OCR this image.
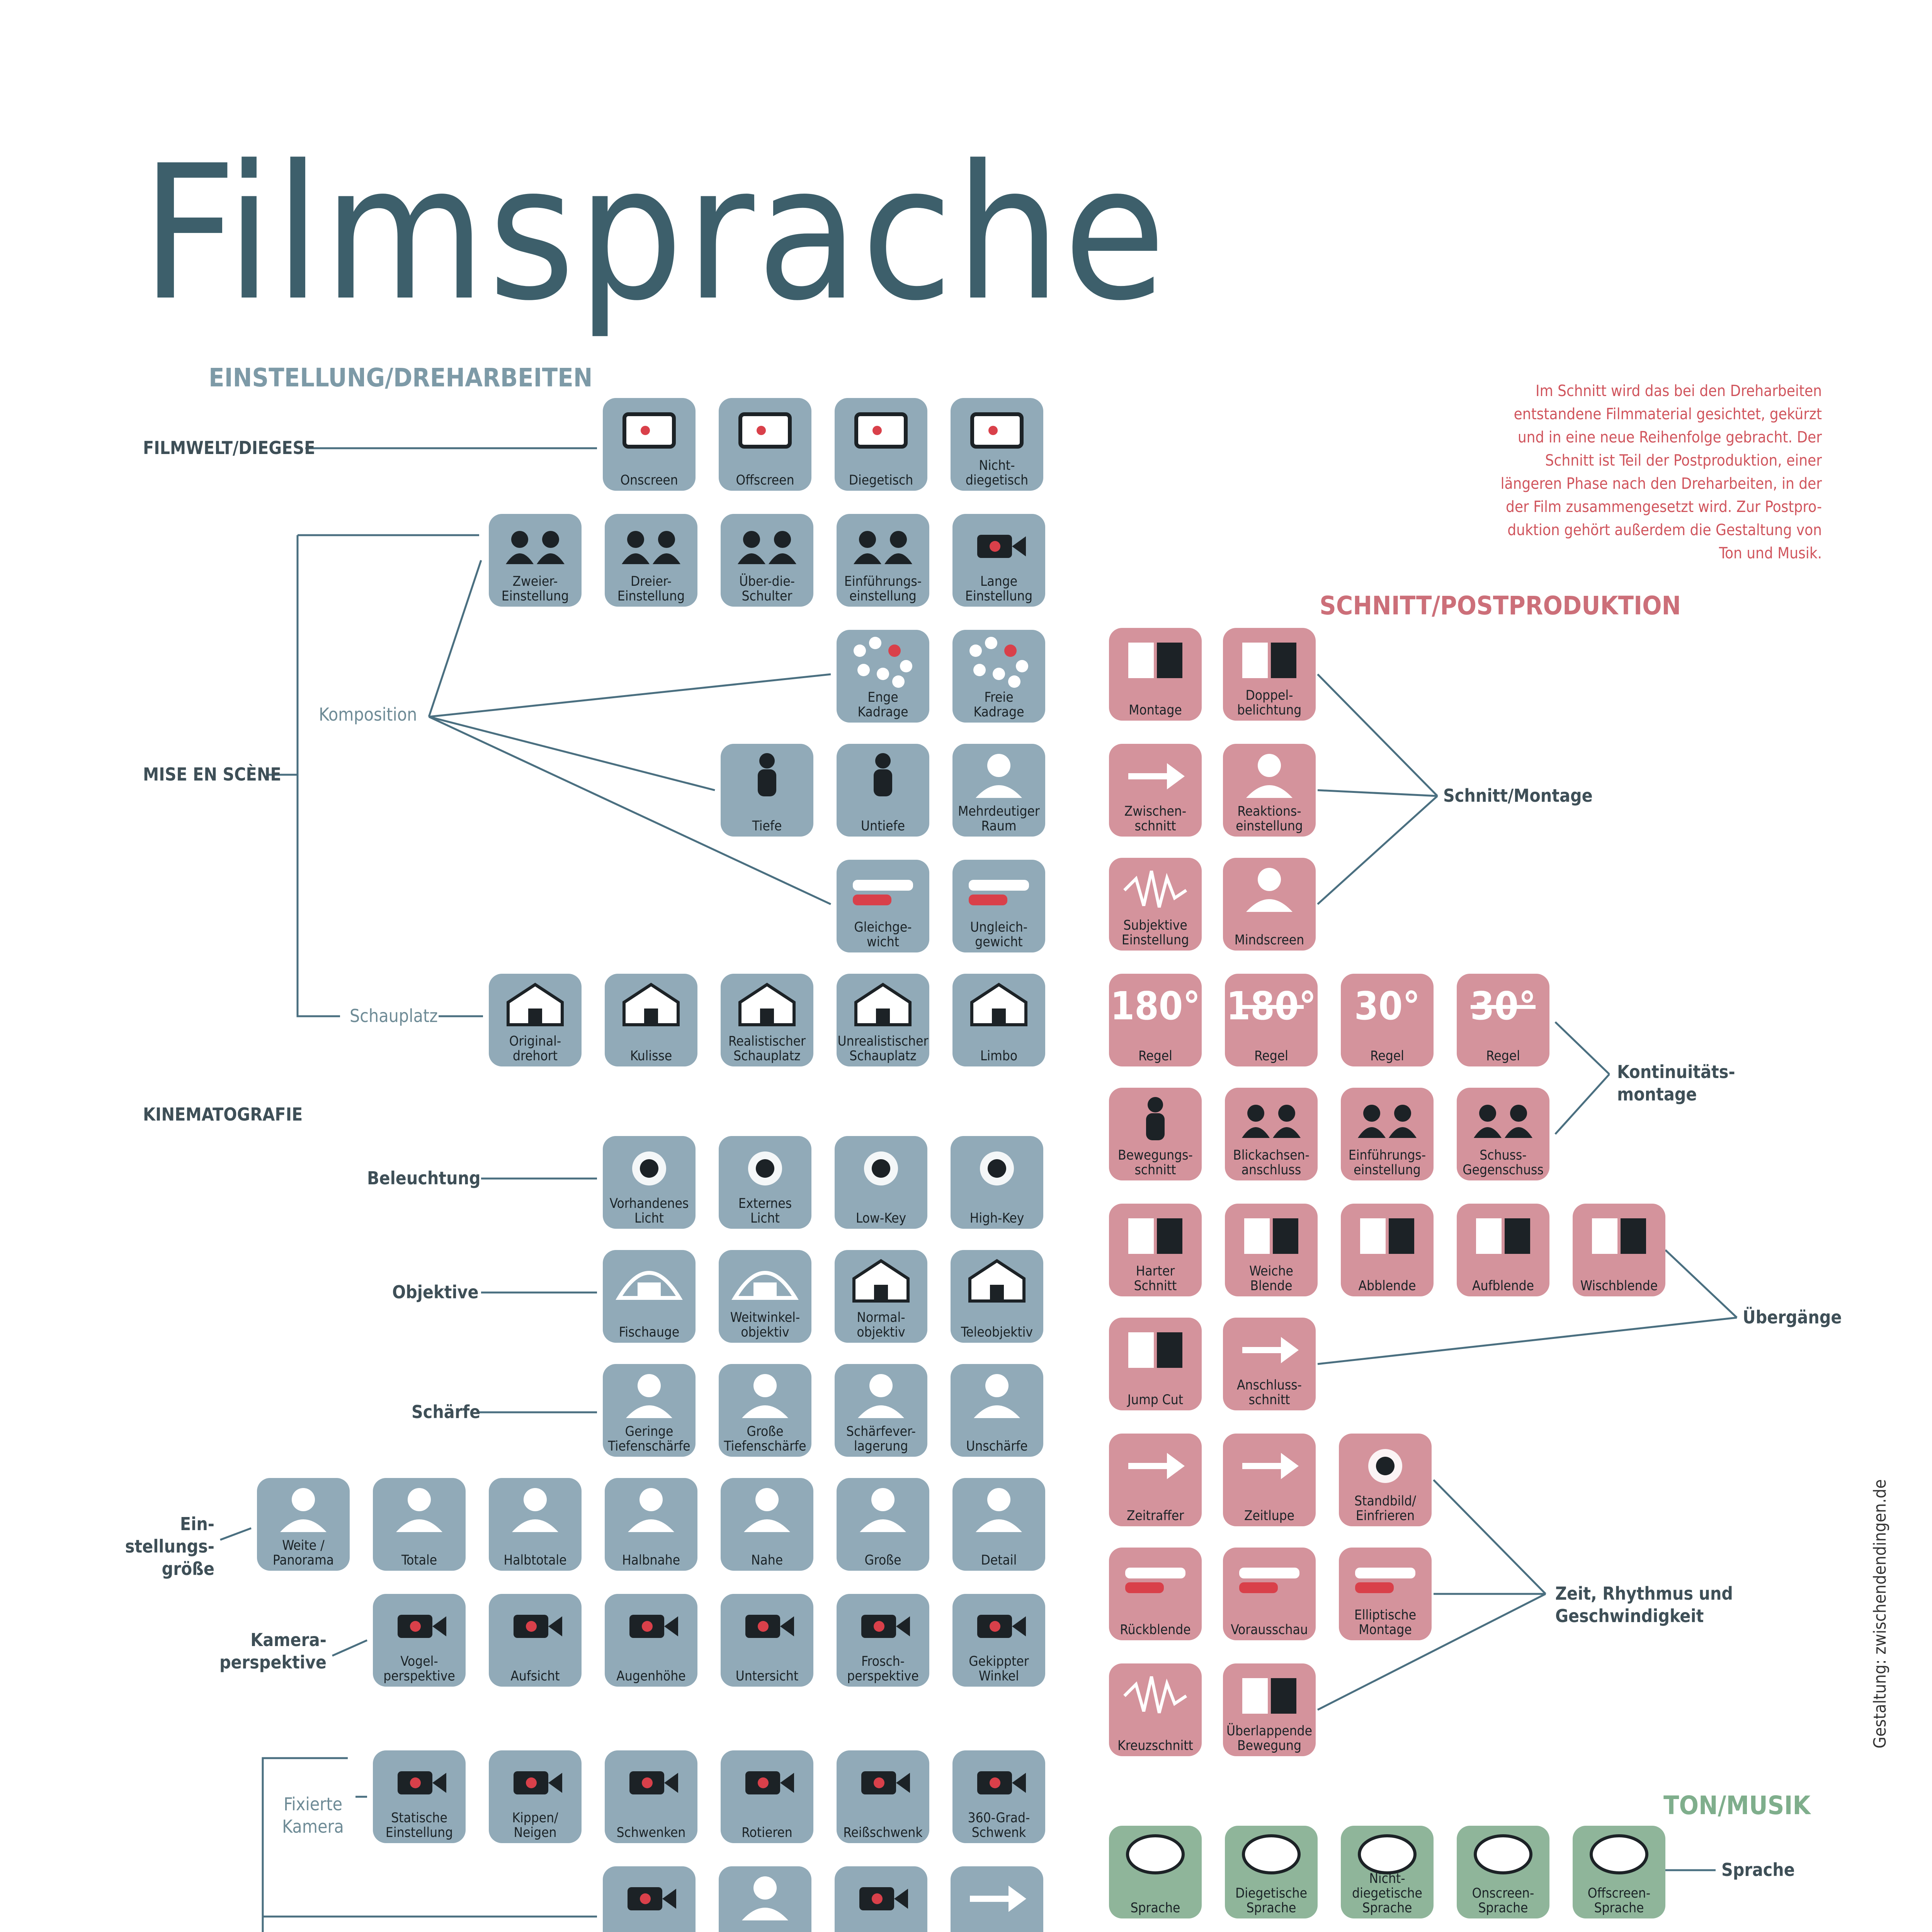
Onscreen	Offscreen	Diegetisch
Nicht-
diegetisch
Zweier-
Einstellung
Dreier-
Einstellung
Über-die-
Schulter
Einführungs-
einstellung
Lange
Einstellung
Enge
Kadrage
Freie
Kadrage
Tiefe	Untiefe
Mehrdeutiger
Raum
Gleichge-
wicht
Ungleich-
gewicht
Original-
drehort	Kulisse
Realistischer
Schauplatz
Unrealistischer
Schauplatz	Limbo
Vorhandenes
Licht
Externes
Licht	Low-Key	High-Key
Fischauge
Weitwinkel-
objektiv
Normal-
objektiv	Teleobjektiv
Geringe
Tiefenschärfe
Große
Tiefenschärfe
Schärfever-
lagerung	Unschärfe
Weite /
Panorama	Totale	Halbtotale	Halbnahe	Nahe	Große	Detail
Vogel-
perspektive	Aufsicht	Augenhöhe	Untersicht
Frosch-
perspektive
Gekippter
Winkel
Statische
Einstellung
Kippen/
Neigen	Schwenken	Rotieren	Reißschwenk
360-Grad-
Schwenk
Montage
Doppel-
belichtung
Zwischen-
schnitt
Reaktions-
einstellung
Subjektive
Einstellung	Mindscreen
180°
Regel
180°
Regel
30°
Regel
30°
Regel
Bewegungs-
schnitt
Blickachsen-
anschluss
Einführungs-
einstellung
Schuss-
Gegenschuss
Harter
Schnitt
Weiche
Blende	Abblende	Aufblende	Wischblende
Jump Cut
Anschluss-
schnitt
Zeitraffer	Zeitlupe
Standbild/
Einfrieren
Rückblende	Vorausschau
Elliptische
Montage
Kreuzschnitt
Überlappende
Bewegung
Sprache
Diegetische
Sprache
Nicht-
diegetische
Sprache
Onscreen-
Sprache
Offscreen-
Sprache
Filmsprache
EINSTELLUNG/DREHARBEITEN
SCHNITT/POSTPRODUKTION
TON/MUSIK
FILMWELT/DIEGESE
MISE EN SCÈNE
Komposition
Schauplatz
KINEMATOGRAFIE
Beleuchtung
Objektive
Schärfe
Ein-
stellungs-
größe
Kamera-
perspektive
Fixierte
Kamera
Schnitt/Montage
Kontinuitäts-
montage
Übergänge
Zeit, Rhythmus und
Geschwindigkeit
Sprache
Im Schnitt wird das bei den Dreharbeiten
entstandene Filmmaterial gesichtet, gekürzt
und in eine neue Reihenfolge gebracht. Der
Schnitt ist Teil der Postproduktion, einer
längeren Phase nach den Dreharbeiten, in der
der Film zusammengesetzt wird. Zur Postpro-
duktion gehört außerdem die Gestaltung von
Ton und Musik.
Gestaltung: zwischendendingen.de
